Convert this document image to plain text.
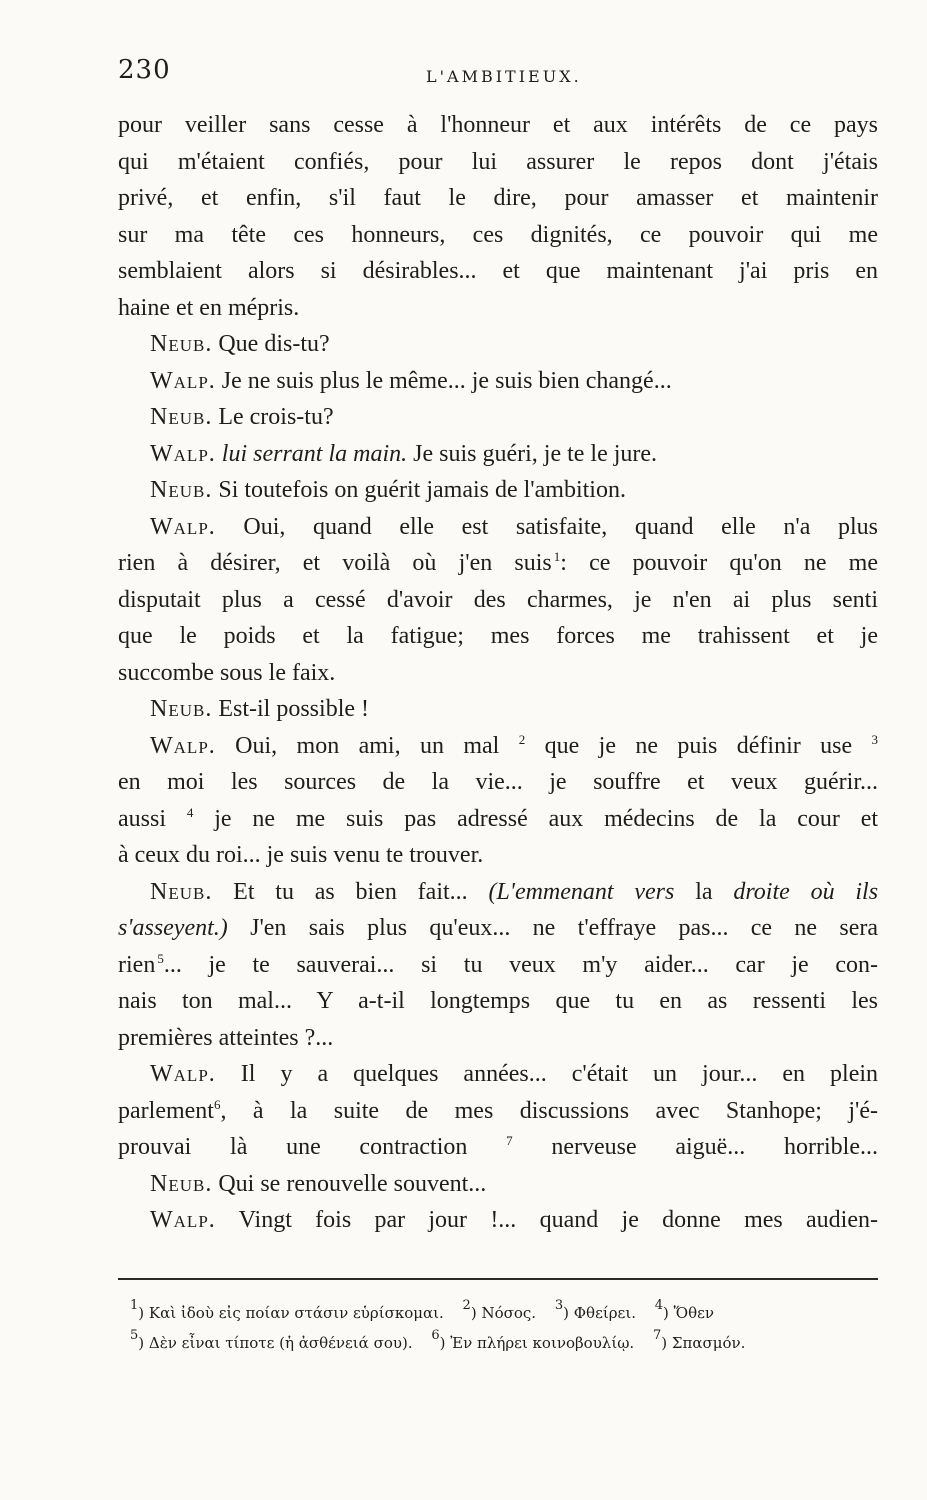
230	L'AMBITIEUX.
pour veiller sans cesse à l'honneur et aux intérêts de ce pays
qui m'étaient confiés, pour lui assurer le repos dont j'étais
privé, et enfin, s'il faut le dire, pour amasser et maintenir
sur ma tête ces honneurs, ces dignités, ce pouvoir qui me
semblaient alors si désirables... et que maintenant j'ai pris en
haine et en mépris.
Neub. Que dis-tu?
Walp. Je ne suis plus le même... je suis bien changé...
Neub. Le crois-tu?
Walp. lui serrant la main. Je suis guéri, je te le jure.
Neub. Si toutefois on guérit jamais de l'ambition.
Walp. Oui, quand elle est satisfaite, quand elle n'a plus
rien à désirer, et voilà où j'en suis  $^1$: ce pouvoir qu'on ne me
disputait plus a cessé d'avoir des charmes, je n'en ai plus senti
que le poids et la fatigue; mes forces me trahissent et je
succombe sous le faix.
Neub. Est-il possible !
Walp. Oui, mon ami, un mal $^2$ que je ne puis définir use $^3$
en moi les sources de la vie... je souffre et veux guérir...
aussi $^4$ je ne me suis pas adressé aux médecins de la cour et
à ceux du roi... je suis venu te trouver.
Neub. Et tu as bien fait... (L'emmenant vers la droite où ils
s'asseyent.) J'en sais plus qu'eux... ne t'effraye pas... ce ne sera
rien  $^5$... je te sauverai... si tu veux m'y aider... car je con-
nais ton mal... Y a-t-il longtemps que tu en as ressenti les
premières atteintes ?...
Walp. Il y a quelques années... c'était un jour... en plein
parlement$^6$, à la suite de mes discussions avec Stanhope; j'é-
prouvai là une contraction	$^7$ nerveuse aiguë... horrible...
Neub. Qui se renouvelle souvent...
Walp. Vingt fois par jour !... quand je donne mes audien-
$^1$) Καὶ ἰδοὺ εἰς ποίαν στάσιν εὑρίσκομαι. $^2$) Νόσος. $^3$) Φθείρει. $^4$) Ὅθεν
$^5$) Δὲν εἶναι τίποτε (ἡ ἀσθένειά σου). $^6$) Ἐν πλήρει κοινοβουλίῳ. $^7$) Σπασμόν.
